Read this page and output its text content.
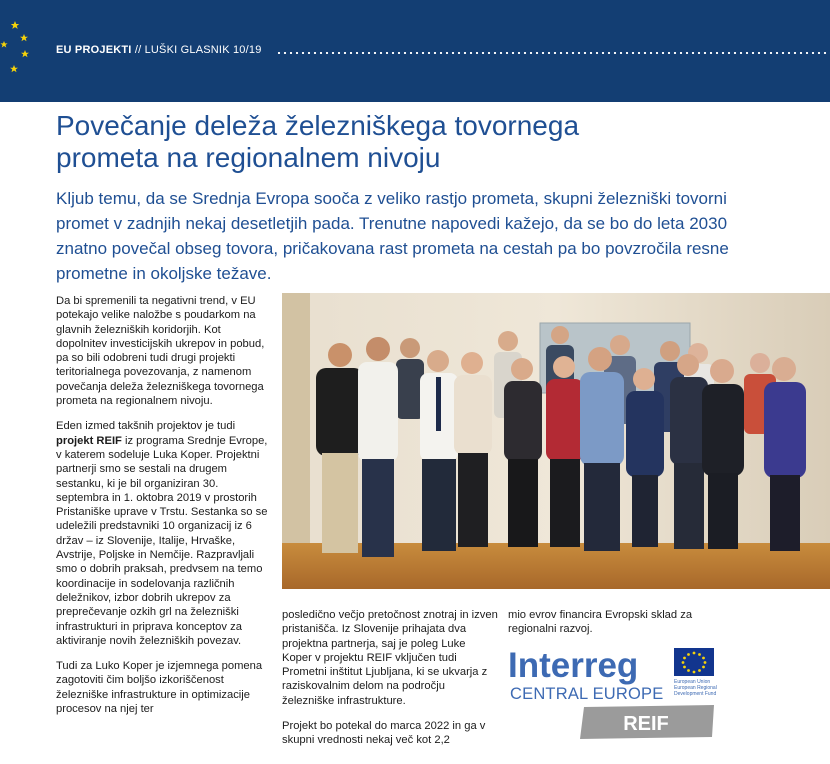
EU PROJEKTI // LUŠKI GLASNIK 10/19
Povečanje deleža železniškega tovornega
prometa na regionalnem nivoju

Kljub temu, da se Srednja Evropa sooča z veliko rastjo prometa, skupni železniški tovorni promet v zadnjih nekaj desetletjih pada. Trenutne napovedi kažejo, da se bo do leta 2030 znatno povečal obseg tovora, pričakovana rast prometa na cestah pa bo povzročila resne prometne in okoljske težave.

Da bi spremenili ta negativni trend, v EU potekajo velike naložbe s poudarkom na glavnih železniških koridorjih. Kot dopolnitev investicijskih ukrepov in pobud, pa so bili odobreni tudi drugi projekti teritorialnega povezovanja, z namenom povečanja deleža železniškega tovornega prometa na regionalnem nivoju.

Eden izmed takšnih projektov je tudi projekt REIF iz programa Srednje Evrope, v katerem sodeluje Luka Koper. Projektni partnerji smo se sestali na drugem sestanku, ki je bil organiziran 30. septembra in 1. oktobra 2019 v prostorih Pristaniške uprave v Trstu. Sestanka so se udeležili predstavniki 10 organizacij iz 6 držav – iz Slovenije, Italije, Hrvaške, Avstrije, Poljske in Nemčije. Razpravljali smo o dobrih praksah, predvsem na temo koordinacije in sodelovanja različnih deležnikov, izbor dobrih ukrepov za preprečevanje ozkih grl na železniški infrastrukturi in priprava konceptov za aktiviranje novih železniških povezav.

Tudi za Luko Koper je izjemnega pomena zagotoviti čim boljšo izkoriščenost železniške infrastrukture in optimizacije procesov na njej ter

posledično večjo pretočnost znotraj in izven pristanišča. Iz Slovenije prihajata dva projektna partnerja, saj je poleg Luke Koper v projektu REIF vključen tudi Prometni inštitut Ljubljana, ki se ukvarja z raziskovalnim delom na področju železniške infrastrukture.

Projekt bo potekal do marca 2022 in ga v skupni vrednosti nekaj več kot 2,2

mio evrov financira Evropski sklad za regionalni razvoj.

Interreg
CENTRAL EUROPE
European Union
European Regional
Development Fund
REIF
